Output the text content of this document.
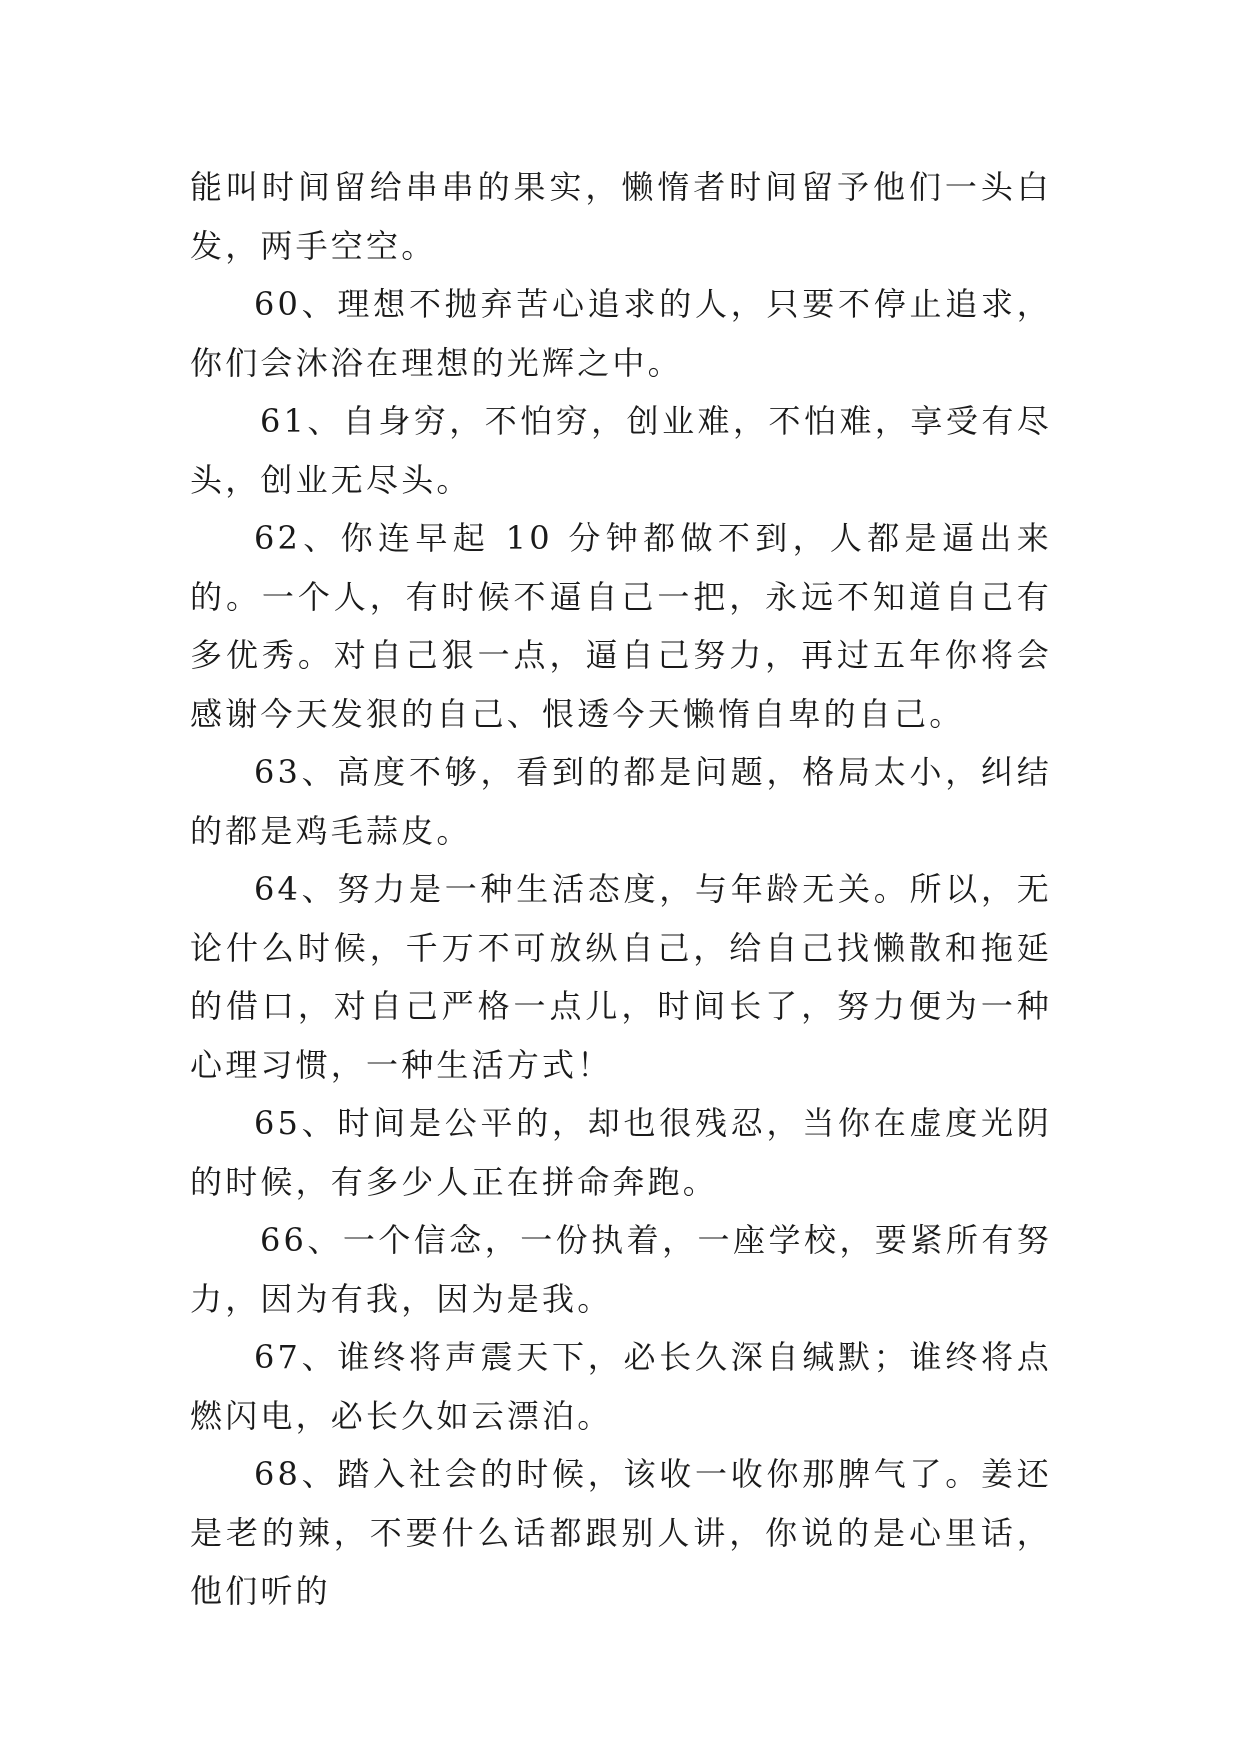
能叫时间留给串串的果实，懒惰者时间留予他们一头白发，两手空空。

60、理想不抛弃苦心追求的人，只要不停止追求，你们会沐浴在理想的光辉之中。

61、自身穷，不怕穷，创业难，不怕难，享受有尽头，创业无尽头。

62、你连早起 10 分钟都做不到，人都是逼出来的。一个人，有时候不逼自己一把，永远不知道自己有多优秀。对自己狠一点，逼自己努力，再过五年你将会感谢今天发狠的自己、恨透今天懒惰自卑的自己。

63、高度不够，看到的都是问题，格局太小，纠结的都是鸡毛蒜皮。

64、努力是一种生活态度，与年龄无关。所以，无论什么时候，千万不可放纵自己，给自己找懒散和拖延的借口，对自己严格一点儿，时间长了，努力便为一种心理习惯，一种生活方式！

65、时间是公平的，却也很残忍，当你在虚度光阴的时候，有多少人正在拼命奔跑。

66、一个信念，一份执着，一座学校，要紧所有努力，因为有我，因为是我。

67、谁终将声震天下，必长久深自缄默；谁终将点燃闪电，必长久如云漂泊。

68、踏入社会的时候，该收一收你那脾气了。姜还是老的辣，不要什么话都跟别人讲，你说的是心里话，他们听的
